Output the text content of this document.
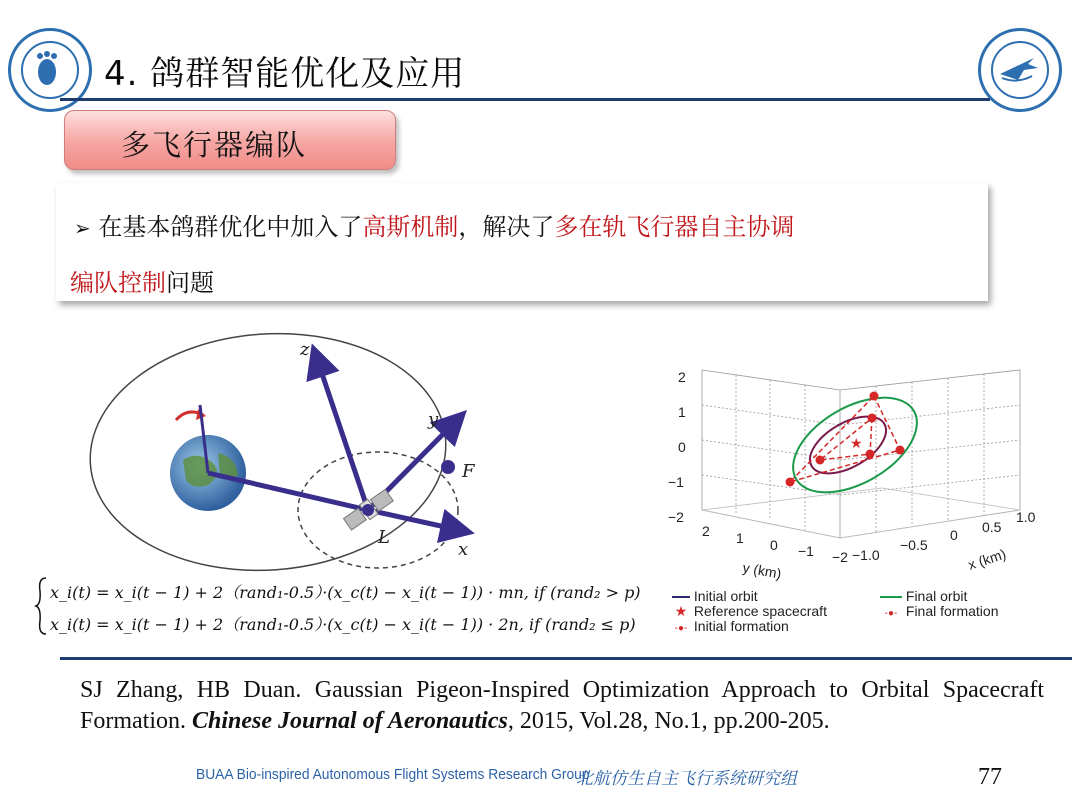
4. 鸽群智能优化及应用
多飞行器编队
➢ 在基本鸽群优化中加入了高斯机制，解决了多在轨飞行器自主协调
编队控制问题
z
y
x
F
L
x_i(t) = x_i(t − 1) + 2（rand₁-0.5）·(x_c(t) − x_i(t − 1)) · mn, if (rand₂ > p)
x_i(t) = x_i(t − 1) + 2（rand₁-0.5）·(x_c(t) − x_i(t − 1)) · 2n, if (rand₂ ≤ p)
★
2
1
0
−1
−2
2 1 0 −1 −2 −1.0
−0.5
0 0.5
1.0
y (km)	x (km)
Initial orbit
★ Reference spacecraft
-●- Initial formation
Final orbit
-●- Final formation
SJ Zhang, HB Duan. Gaussian Pigeon-Inspired Optimization Approach to Orbital Spacecraft Formation. Chinese Journal of Aeronautics, 2015, Vol.28, No.1, pp.200-205.
BUAA Bio-inspired Autonomous Flight Systems Research Group
北航仿生自主飞行系统研究组	77
